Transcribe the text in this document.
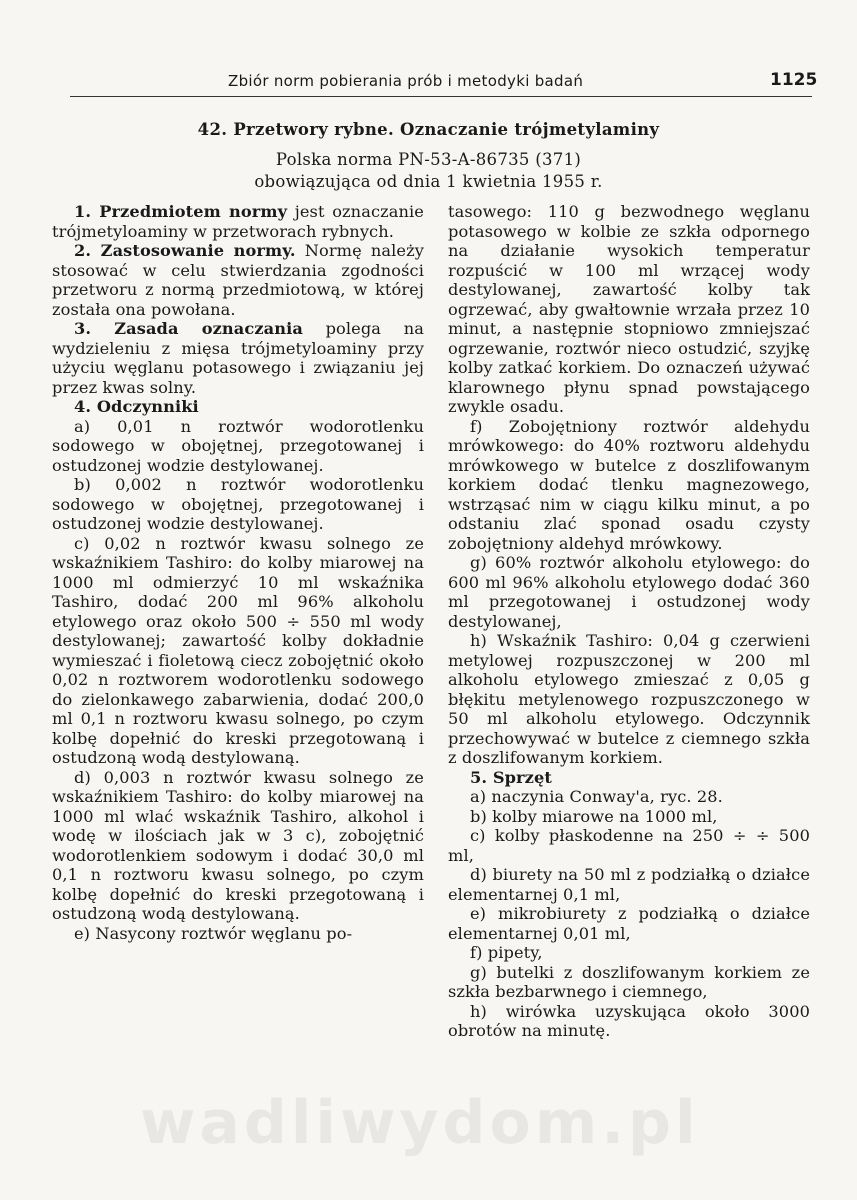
Zbiór norm pobierania prób i metodyki badań	1125
42. Przetwory rybne. Oznaczanie trójmetylaminy
Polska norma PN-53-A-86735 (371)
obowiązująca od dnia 1 kwietnia 1955 r.

1. Przedmiotem normy jest oznaczanie trójmetyloaminy w przetworach rybnych.

2. Zastosowanie normy. Normę należy stosować w celu stwierdzania zgodności przetworu z normą przedmiotową, w której została ona powołana.

3. Zasada oznaczania polega na wydzieleniu z mięsa trójmetyloaminy przy użyciu węglanu potasowego i związaniu jej przez kwas solny.

4. Odczynniki

a) 0,01 n roztwór wodorotlenku sodowego w obojętnej, przegotowanej i ostudzonej wodzie destylowanej.

b) 0,002 n roztwór wodorotlenku sodowego w obojętnej, przegotowanej i ostudzonej wodzie destylowanej.

c) 0,02 n roztwór kwasu solnego ze wskaźnikiem Tashiro: do kolby miarowej na 1000 ml odmierzyć 10 ml wskaźnika Tashiro, dodać 200 ml 96% alkoholu etylowego oraz około 500 ÷ 550 ml wody destylowanej; zawartość kolby dokładnie wymieszać i fioletową ciecz zobojętnić około 0,02 n roztworem wodorotlenku sodowego do zielonkawego zabarwienia, dodać 200,0 ml 0,1 n roztworu kwasu solnego, po czym kolbę dopełnić do kreski przegotowaną i ostudzoną wodą destylowaną.

d) 0,003 n roztwór kwasu solnego ze wskaźnikiem Tashiro: do kolby miarowej na 1000 ml wlać wskaźnik Tashiro, alkohol i wodę w ilościach jak w 3 c), zobojętnić wodorotlenkiem sodowym i dodać 30,0 ml 0,1 n roztworu kwasu solnego, po czym kolbę dopełnić do kreski przegotowaną i ostudzoną wodą destylowaną.

e) Nasycony roztwór węglanu po-

tasowego: 110 g bezwodnego węglanu potasowego w kolbie ze szkła odpornego na działanie wysokich temperatur rozpuścić w 100 ml wrzącej wody destylowanej, zawartość kolby tak ogrzewać, aby gwałtownie wrzała przez 10 minut, a następnie stopniowo zmniejszać ogrzewanie, roztwór nieco ostudzić, szyjkę kolby zatkać korkiem. Do oznaczeń używać klarownego płynu spnad powstającego zwykle osadu.

f) Zobojętniony roztwór aldehydu mrówkowego: do 40% roztworu aldehydu mrówkowego w butelce z doszlifowanym korkiem dodać tlenku magnezowego, wstrząsać nim w ciągu kilku minut, a po odstaniu zlać sponad osadu czysty zobojętniony aldehyd mrówkowy.

g) 60% roztwór alkoholu etylowego: do 600 ml 96% alkoholu etylowego dodać 360 ml przegotowanej i ostudzonej wody destylowanej,

h) Wskaźnik Tashiro: 0,04 g czerwieni metylowej rozpuszczonej w 200 ml alkoholu etylowego zmieszać z 0,05 g błękitu metylenowego rozpuszczonego w 50 ml alkoholu etylowego. Odczynnik przechowywać w butelce z ciemnego szkła z doszlifowanym korkiem.

5. Sprzęt

a) naczynia Conway'a, ryc. 28.

b) kolby miarowe na 1000 ml,

c) kolby płaskodenne na 250 ÷ ÷ 500 ml,

d) biurety na 50 ml z podziałką o działce elementarnej 0,1 ml,

e) mikrobiurety z podziałką o działce elementarnej 0,01 ml,

f) pipety,

g) butelki z doszlifowanym korkiem ze szkła bezbarwnego i ciemnego,

h) wirówka uzyskująca około 3000 obrotów na minutę.

wadliwydom.pl
